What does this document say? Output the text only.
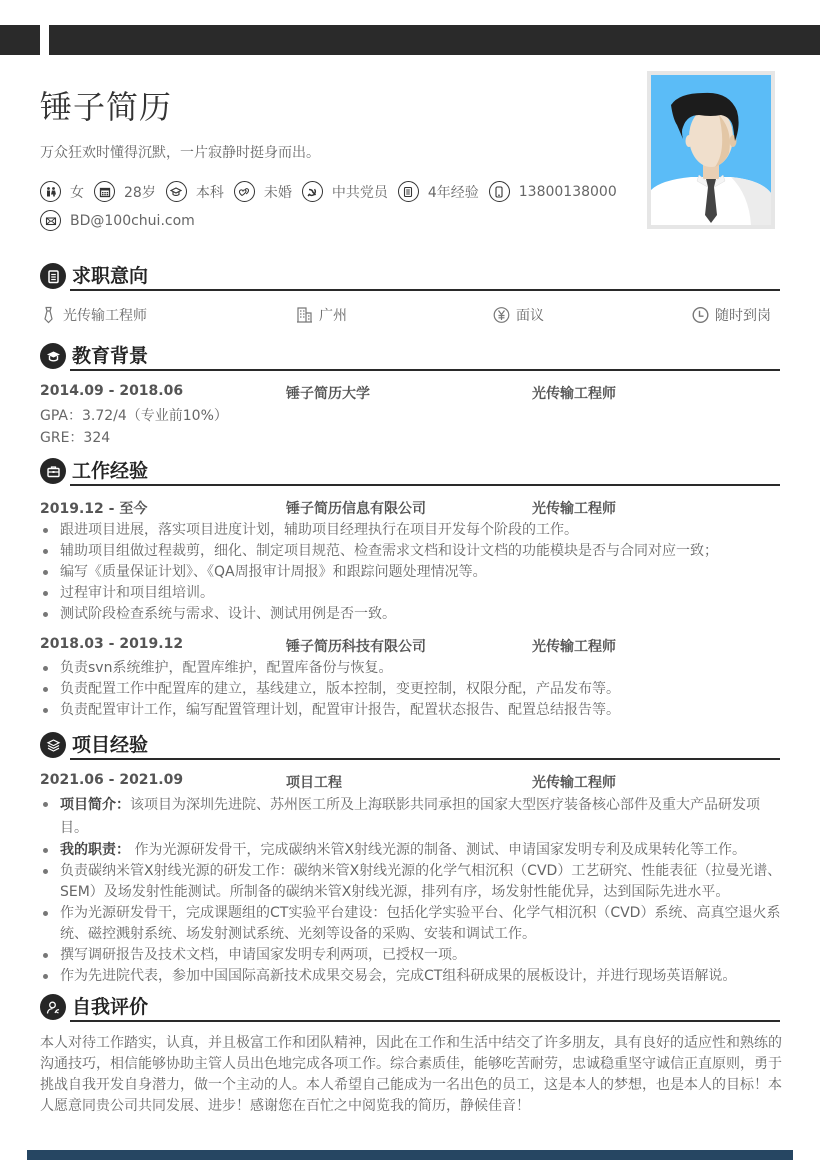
锤子简历
万众狂欢时懂得沉默，一片寂静时挺身而出。
女	28岁	本科	未婚	中共党员	4年经验	13800138000
BD@100chui.com
求职意向
光传输工程师	广州	面议	随时到岗
教育背景
2014.09 - 2018.06	锤子简历大学	光传输工程师
GPA：3.72/4（专业前10%）
GRE：324
工作经验
2019.12 - 至今	锤子简历信息有限公司	光传输工程师
跟进项目进展，落实项目进度计划，辅助项目经理执行在项目开发每个阶段的工作。
辅助项目组做过程裁剪，细化、制定项目规范、检查需求文档和设计文档的功能模块是否与合同对应一致；
编写《质量保证计划》、《QA周报审计周报》和跟踪问题处理情况等。
过程审计和项目组培训。
测试阶段检查系统与需求、设计、测试用例是否一致。
2018.03 - 2019.12	锤子简历科技有限公司	光传输工程师
负责svn系统维护，配置库维护，配置库备份与恢复。
负责配置工作中配置库的建立，基线建立，版本控制，变更控制，权限分配，产品发布等。
负责配置审计工作，编写配置管理计划，配置审计报告，配置状态报告、配置总结报告等。
项目经验
2021.06 - 2021.09	项目工程	光传输工程师
项目简介：该项目为深圳先进院、苏州医工所及上海联影共同承担的国家大型医疗装备核心部件及重大产品研发项目。
我的职责： 作为光源研发骨干，完成碳纳米管X射线光源的制备、测试、申请国家发明专利及成果转化等工作。
负责碳纳米管X射线光源的研发工作：碳纳米管X射线光源的化学气相沉积（CVD）工艺研究、性能表征（拉曼光谱、SEM）及场发射性能测试。所制备的碳纳米管X射线光源，排列有序，场发射性能优异，达到国际先进水平。
作为光源研发骨干，完成课题组的CT实验平台建设：包括化学实验平台、化学气相沉积（CVD）系统、高真空退火系统、磁控溅射系统、场发射测试系统、光刻等设备的采购、安装和调试工作。
撰写调研报告及技术文档，申请国家发明专利两项，已授权一项。
作为先进院代表，参加中国国际高新技术成果交易会，完成CT组科研成果的展板设计，并进行现场英语解说。
自我评价

本人对待工作踏实，认真，并且极富工作和团队精神，因此在工作和生活中结交了许多朋友，具有良好的适应性和熟练的沟通技巧，相信能够协助主管人员出色地完成各项工作。综合素质佳，能够吃苦耐劳，忠诚稳重坚守诚信正直原则，勇于挑战自我开发自身潜力，做一个主动的人。本人希望自己能成为一名出色的员工，这是本人的梦想，也是本人的目标！本人愿意同贵公司共同发展、进步！感谢您在百忙之中阅览我的简历，静候佳音！
